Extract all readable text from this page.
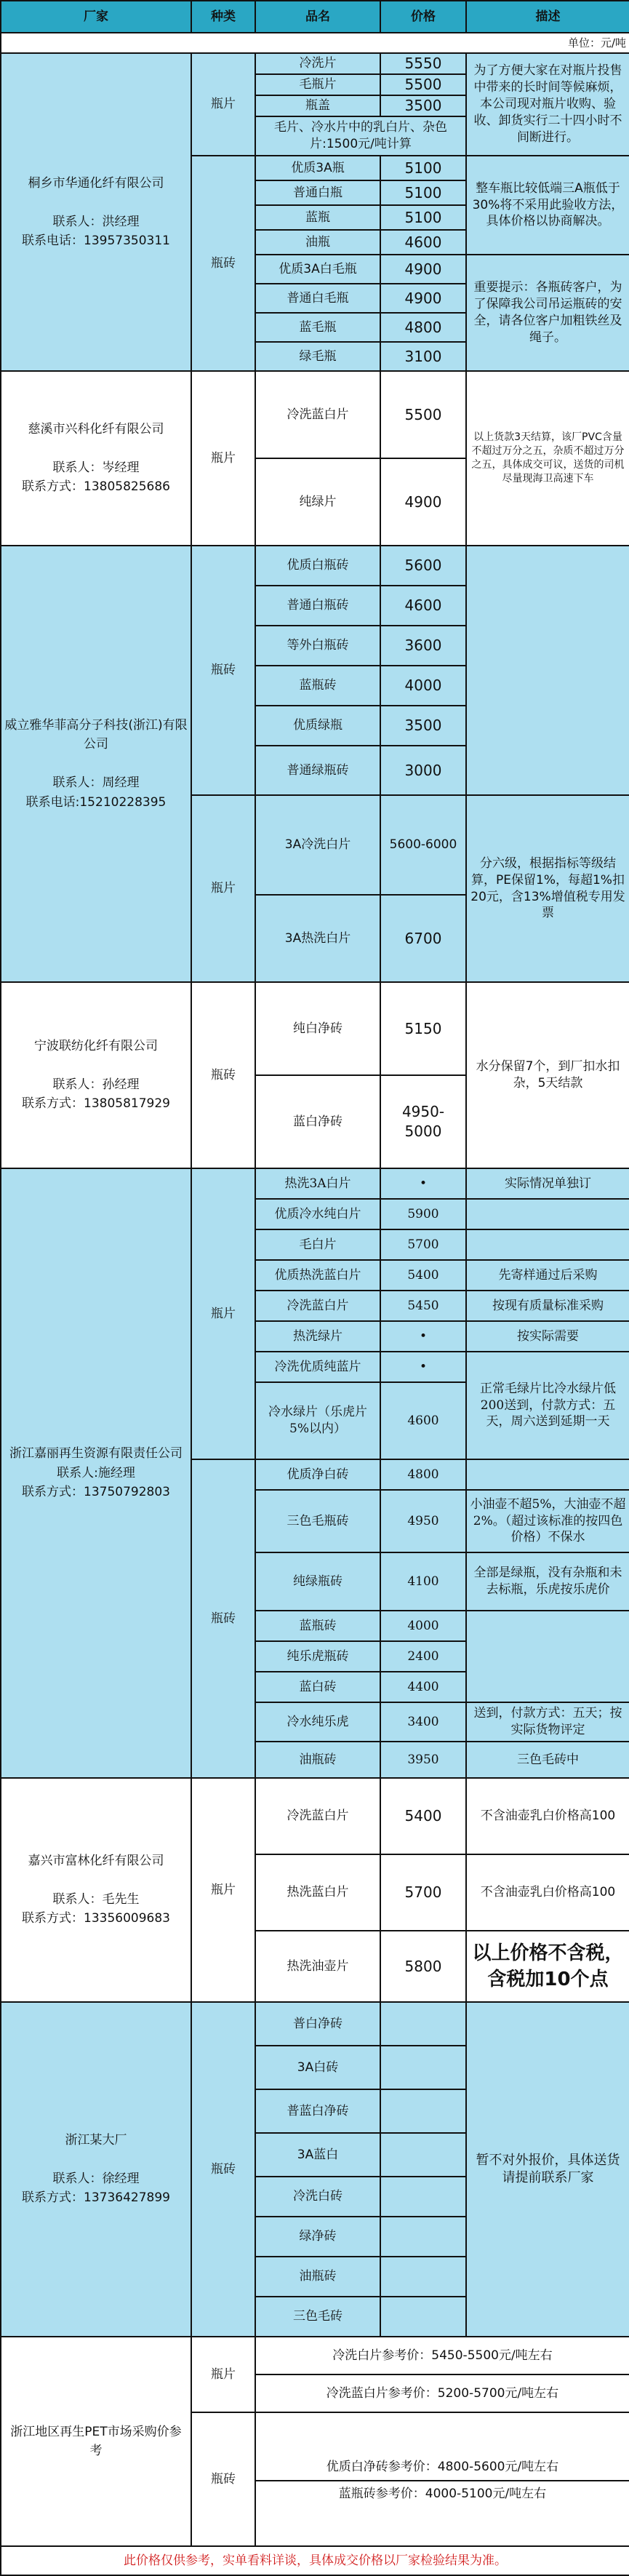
厂家	种类	品名	价格	描述
单位：元/吨				

桐乡市华通化纤有限公司

联系人：洪经理
联系电话：13957350311	瓶片	冷洗片	5550	为了方便大家在对瓶片投售中带来的长时间等候麻烦，本公司现对瓶片收购、验收、卸货实行二十四小时不间断进行。
		毛瓶片	5500	
		瓶盖	3500	
		毛片、冷水片中的乳白片、杂色片:1500元/吨计算		
	瓶砖	优质3A瓶	5100	整车瓶比较低端三A瓶低于30%将不采用此验收方法，具体价格以协商解决。
		普通白瓶	5100	
		蓝瓶	5100	
		油瓶	4600	
		优质3A白毛瓶	4900	重要提示：各瓶砖客户，为了保障我公司吊运瓶砖的安全，请各位客户加粗铁丝及绳子。
		普通白毛瓶	4900	
		蓝毛瓶	4800	
		绿毛瓶	3100	

慈溪市兴科化纤有限公司

联系人：岑经理
联系方式：13805825686	瓶片	冷洗蓝白片	5500	以上货款3天结算，该厂PVC含量不超过万分之五，杂质不超过万分之五，具体成交可议，送货的司机尽量现海卫高速下车
		纯绿片	4900	

威立雅华菲高分子科技(浙江)有限公司

联系人：周经理
联系电话:15210228395	瓶砖	优质白瓶砖	5600	
		普通白瓶砖	4600	
		等外白瓶砖	3600	
		蓝瓶砖	4000	
		优质绿瓶	3500	
		普通绿瓶砖	3000	
	瓶片	3A冷洗白片	5600-6000	分六级，根据指标等级结算，PE保留1%，每超1%扣20元，含13%增值税专用发票
		3A热洗白片	6700	

宁波联纺化纤有限公司

联系人：孙经理
联系方式：13805817929	瓶砖	纯白净砖	5150	水分保留7个，到厂扣水扣杂，5天结款
		蓝白净砖	4950-5000	

浙江嘉丽再生资源有限责任公司
联系人:施经理
联系方式：13750792803	瓶片	热洗3A白片	•	实际情况单独订
		优质冷水纯白片	5900	
		毛白片	5700	
		优质热洗蓝白片	5400	先寄样通过后采购
		冷洗蓝白片	5450	按现有质量标准采购
		热洗绿片	•	按实际需要
		冷洗优质纯蓝片	•	正常毛绿片比冷水绿片低200送到，付款方式：五天，周六送到延期一天
		冷水绿片（乐虎片5%以内）	4600	
	瓶砖	优质净白砖	4800	
		三色毛瓶砖	4950	小油壶不超5%，大油壶不超2%。（超过该标准的按四色价格）不保水
		纯绿瓶砖	4100	全部是绿瓶，没有杂瓶和未去标瓶，乐虎按乐虎价
		蓝瓶砖	4000	
		纯乐虎瓶砖	2400	
		蓝白砖	4400	
		冷水纯乐虎	3400	送到，付款方式：五天；按实际货物评定
		油瓶砖	3950	三色毛砖中

嘉兴市富林化纤有限公司

联系人：毛先生
联系方式：13356009683	瓶片	冷洗蓝白片	5400	不含油壶乳白价格高100
		热洗蓝白片	5700	不含油壶乳白价格高100
		热洗油壶片	5800	以上价格不含税，含税加10个点

浙江某大厂

联系人：徐经理
联系方式：13736427899	瓶砖	普白净砖		暂不对外报价，具体送货请提前联系厂家
		3A白砖		
		普蓝白净砖		
		3A蓝白		
		冷洗白砖		
		绿净砖		
		油瓶砖		
		三色毛砖		
浙江地区再生PET市场采购价参考	瓶片	冷洗白片参考价：5450-5500元/吨左右		
		冷洗蓝白片参考价：5200-5700元/吨左右		
	瓶砖	优质白净砖参考价：4800-5600元/吨左右		
		蓝瓶砖参考价：4000-5100元/吨左右		
此价格仅供参考，实单看料详谈，具体成交价格以厂家检验结果为准。				
